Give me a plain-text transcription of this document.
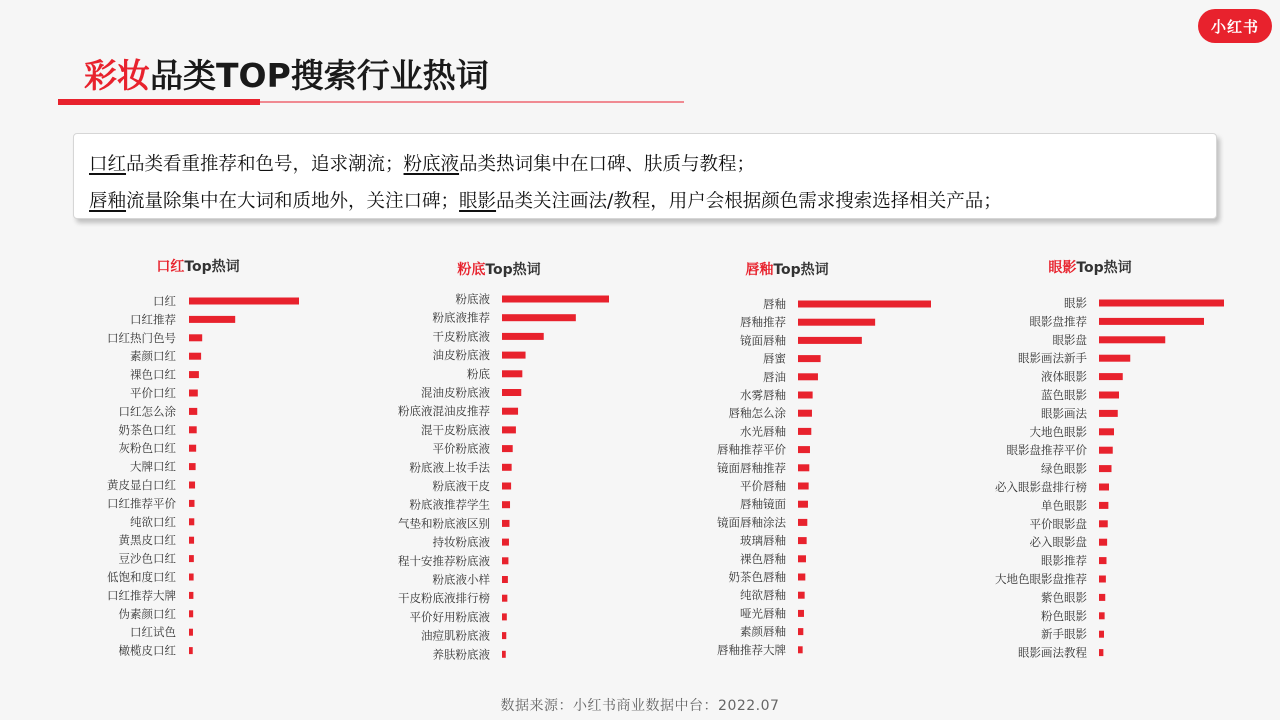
小红书
彩妆品类TOP搜索行业热词
口红品类看重推荐和色号，追求潮流；粉底液品类热词集中在口碑、肤质与教程；
唇釉流量除集中在大词和质地外，关注口碑；眼影品类关注画法/教程，用户会根据颜色需求搜索选择相关产品；
口红Top热词	粉底Top热词	唇釉Top热词	眼影Top热词
口红
口红推荐
口红热门色号
素颜口红
裸色口红
平价口红
口红怎么涂
奶茶色口红
灰粉色口红
大牌口红
黄皮显白口红
口红推荐平价
纯欲口红
黄黑皮口红
豆沙色口红
低饱和度口红
口红推荐大牌
伪素颜口红
口红试色
橄榄皮口红
粉底液
粉底液推荐
干皮粉底液
油皮粉底液
粉底
混油皮粉底液
粉底液混油皮推荐
混干皮粉底液
平价粉底液
粉底液上妆手法
粉底液干皮
粉底液推荐学生
气垫和粉底液区别
持妆粉底液
程十安推荐粉底液
粉底液小样
干皮粉底液排行榜
平价好用粉底液
油痘肌粉底液
养肤粉底液
唇釉
唇釉推荐
镜面唇釉
唇蜜
唇油
水雾唇釉
唇釉怎么涂
水光唇釉
唇釉推荐平价
镜面唇釉推荐
平价唇釉
唇釉镜面
镜面唇釉涂法
玻璃唇釉
裸色唇釉
奶茶色唇釉
纯欲唇釉
哑光唇釉
素颜唇釉
唇釉推荐大牌
眼影
眼影盘推荐
眼影盘
眼影画法新手
液体眼影
蓝色眼影
眼影画法
大地色眼影
眼影盘推荐平价
绿色眼影
必入眼影盘排行榜
单色眼影
平价眼影盘
必入眼影盘
眼影推荐
大地色眼影盘推荐
紫色眼影
粉色眼影
新手眼影
眼影画法教程
数据来源：小红书商业数据中台：2022.07
